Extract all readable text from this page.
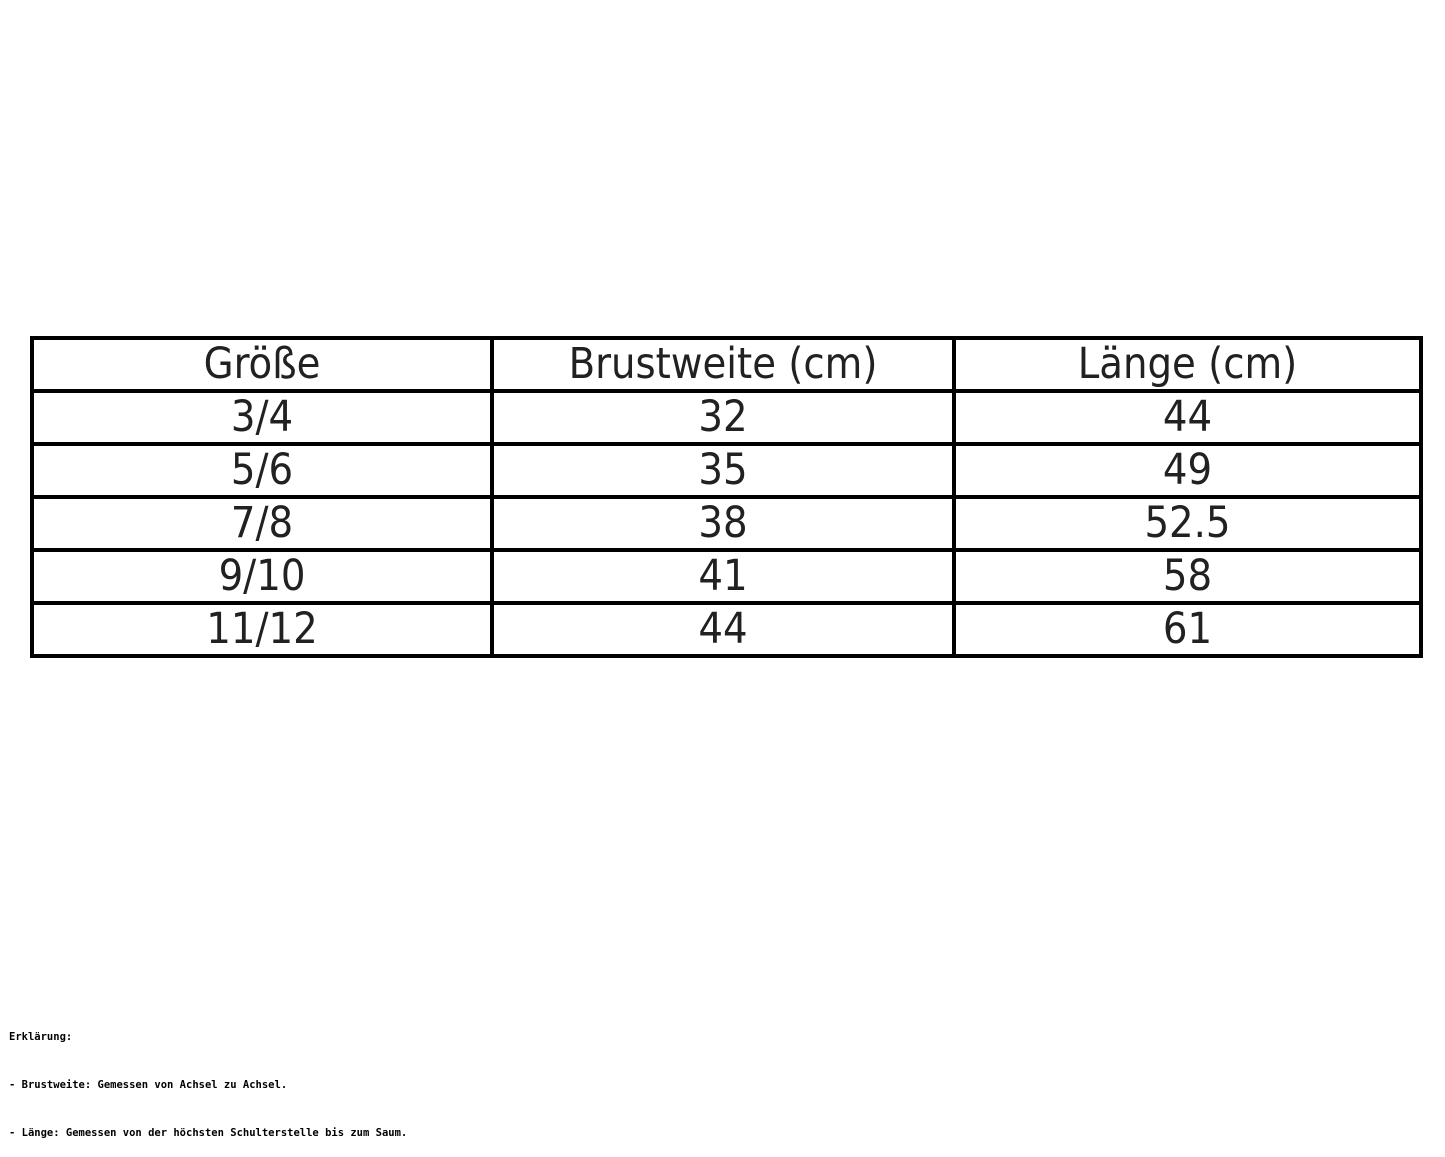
Größe	Brustweite (cm)	Länge (cm)
3/4	32	44
5/6	35	49
7/8	38	52.5
9/10	41	58
11/12	44	61

Erklärung:

- Brustweite: Gemessen von Achsel zu Achsel.

- Länge: Gemessen von der höchsten Schulterstelle bis zum Saum.
